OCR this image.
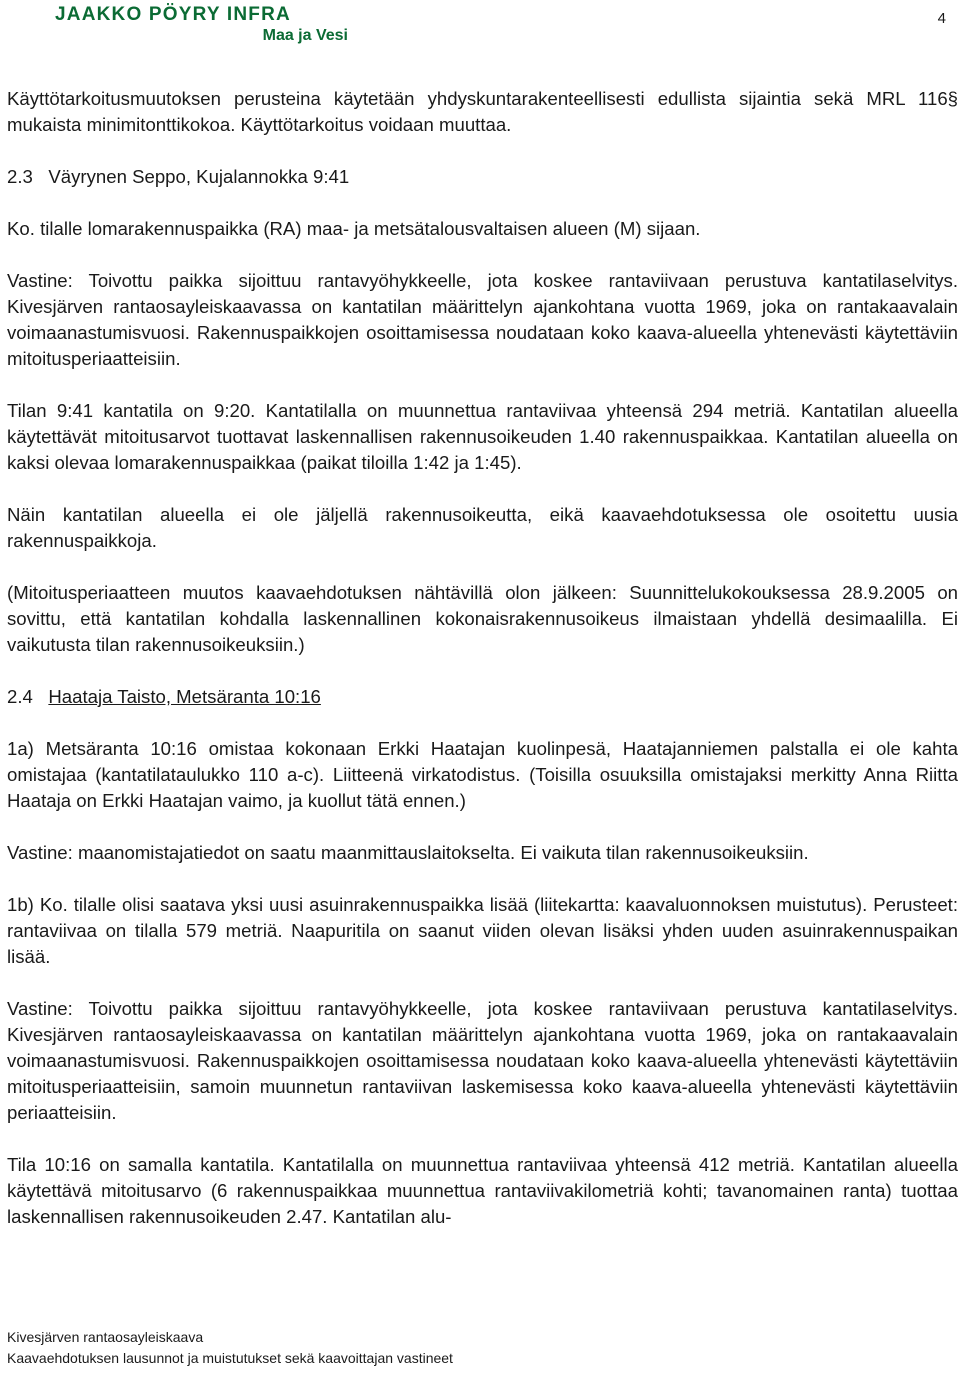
JAAKKO PÖYRY INFRA
Maa ja Vesi
4

Käyttötarkoitusmuutoksen perusteina käytetään yhdyskuntarakenteellisesti edullista sijaintia sekä MRL 116§ mukaista minimitonttikokoa. Käyttötarkoitus voidaan muuttaa.

2.3 Väyrynen Seppo, Kujalannokka 9:41

Ko. tilalle lomarakennuspaikka (RA) maa- ja metsätalousvaltaisen alueen (M) sijaan.

Vastine: Toivottu paikka sijoittuu rantavyöhykkeelle, jota koskee rantaviivaan perustuva kantatilaselvitys. Kivesjärven rantaosayleiskaavassa on kantatilan määrittelyn ajankohtana vuotta 1969, joka on rantakaavalain voimaanastumisvuosi. Rakennuspaikkojen osoittamisessa noudataan koko kaava-alueella yhtenevästi käytettäviin mitoitusperiaatteisiin.

Tilan 9:41 kantatila on 9:20. Kantatilalla on muunnettua rantaviivaa yhteensä 294 metriä. Kantatilan alueella käytettävät mitoitusarvot tuottavat laskennallisen rakennusoikeuden 1.40 rakennuspaikkaa. Kantatilan alueella on kaksi olevaa lomarakennuspaikkaa (paikat tiloilla 1:42 ja 1:45).

Näin kantatilan alueella ei ole jäljellä rakennusoikeutta, eikä kaavaehdotuksessa ole osoitettu uusia rakennuspaikkoja.

(Mitoitusperiaatteen muutos kaavaehdotuksen nähtävillä olon jälkeen: Suunnittelukokouksessa 28.9.2005 on sovittu, että kantatilan kohdalla laskennallinen kokonaisrakennusoikeus ilmaistaan yhdellä desimaalilla. Ei vaikutusta tilan rakennusoikeuksiin.)

2.4 Haataja Taisto, Metsäranta 10:16

1a) Metsäranta 10:16 omistaa kokonaan Erkki Haatajan kuolinpesä, Haatajanniemen palstalla ei ole kahta omistajaa (kantatilataulukko 110 a-c). Liitteenä virkatodistus. (Toisilla osuuksilla omistajaksi merkitty Anna Riitta Haataja on Erkki Haatajan vaimo, ja kuollut tätä ennen.)

Vastine: maanomistajatiedot on saatu maanmittauslaitokselta. Ei vaikuta tilan rakennusoikeuksiin.

1b) Ko. tilalle olisi saatava yksi uusi asuinrakennuspaikka lisää (liitekartta: kaavaluonnoksen muistutus). Perusteet: rantaviivaa on tilalla 579 metriä. Naapuritila on saanut viiden olevan lisäksi yhden uuden asuinrakennuspaikan lisää.

Vastine: Toivottu paikka sijoittuu rantavyöhykkeelle, jota koskee rantaviivaan perustuva kantatilaselvitys. Kivesjärven rantaosayleiskaavassa on kantatilan määrittelyn ajankohtana vuotta 1969, joka on rantakaavalain voimaanastumisvuosi. Rakennuspaikkojen osoittamisessa noudataan koko kaava-alueella yhtenevästi käytettäviin mitoitusperiaatteisiin, samoin muunnetun rantaviivan laskemisessa koko kaava-alueella yhtenevästi käytettäviin periaatteisiin.

Tila 10:16 on samalla kantatila. Kantatilalla on muunnettua rantaviivaa yhteensä 412 metriä. Kantatilan alueella käytettävä mitoitusarvo (6 rakennuspaikkaa muunnettua rantaviivakilometriä kohti; tavanomainen ranta) tuottaa laskennallisen rakennusoikeuden 2.47. Kantatilan alu-

Kivesjärven rantaosayleiskaava
Kaavaehdotuksen lausunnot ja muistutukset sekä kaavoittajan vastineet
